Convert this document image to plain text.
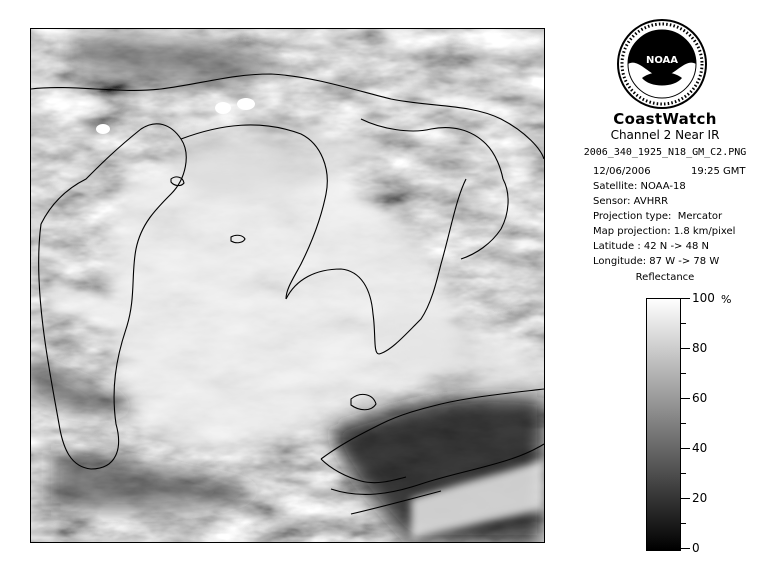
NOAA
CoastWatch
Channel 2 Near IR
2006_340_1925_N18_GM_C2.PNG
12/06/2006	19:25 GMT
Satellite: NOAA-18
Sensor: AVHRR
Projection type:  Mercator
Map projection: 1.8 km/pixel
Latitude : 42 N -> 48 N
Longitude: 87 W -> 78 W
Reflectance
%
100
80
60
40
20
0
